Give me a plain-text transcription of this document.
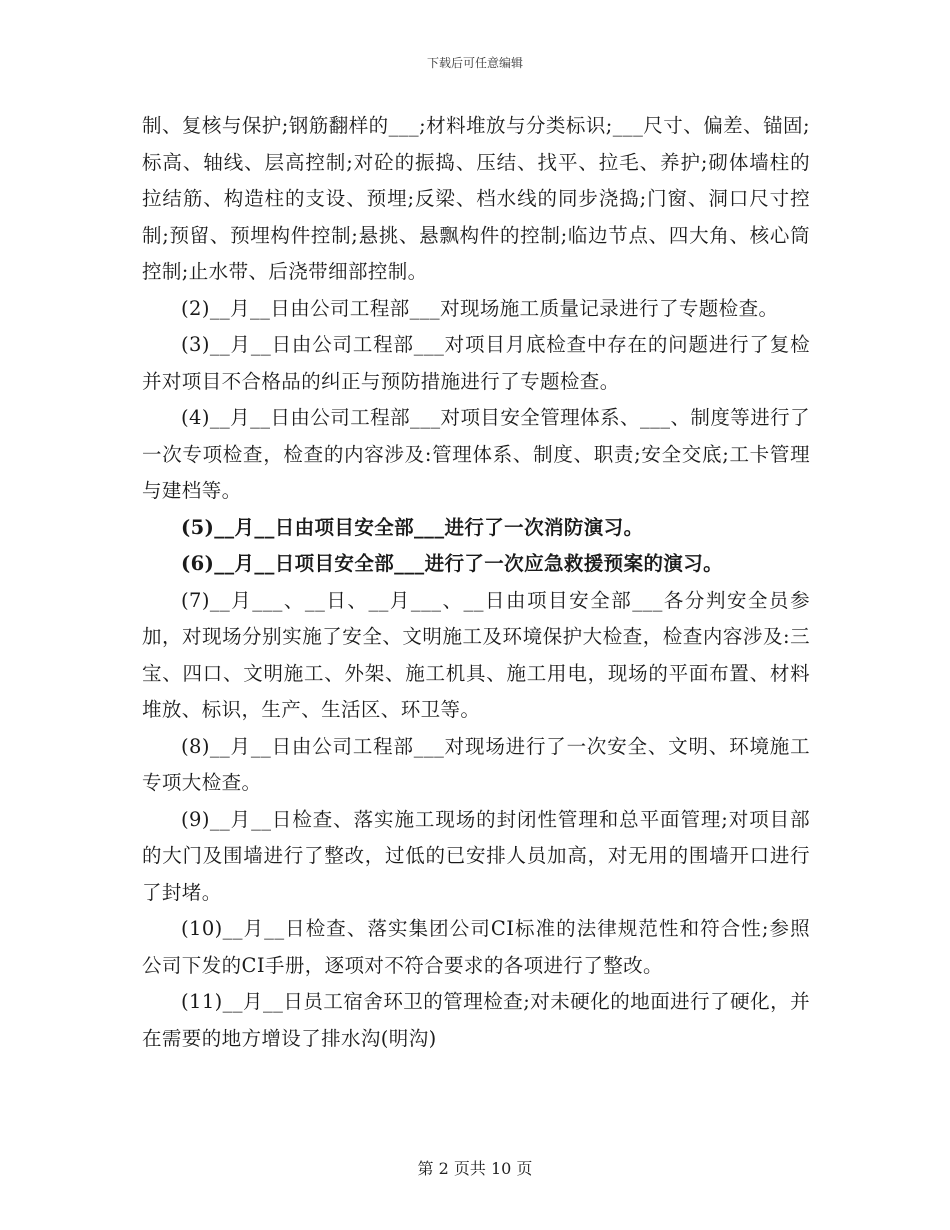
下载后可任意编辑

制、复核与保护;钢筋翻样的___;材料堆放与分类标识;___尺寸、偏差、锚固;标高、轴线、层高控制;对砼的振捣、压结、找平、拉毛、养护;砌体墙柱的拉结筋、构造柱的支设、预埋;反梁、档水线的同步浇捣;门窗、洞口尺寸控制;预留、预埋构件控制;悬挑、悬飘构件的控制;临边节点、四大角、核心筒控制;止水带、后浇带细部控制。

(2)__月__日由公司工程部___对现场施工质量记录进行了专题检查。

(3)__月__日由公司工程部___对项目月底检查中存在的问题进行了复检并对项目不合格品的纠正与预防措施进行了专题检查。

(4)__月__日由公司工程部___对项目安全管理体系、___、制度等进行了一次专项检查，检查的内容涉及:管理体系、制度、职责;安全交底;工卡管理与建档等。

(5)__月__日由项目安全部___进行了一次消防演习。

(6)__月__日项目安全部___进行了一次应急救援预案的演习。

(7)__月___、__日、__月___、__日由项目安全部___各分判安全员参加，对现场分别实施了安全、文明施工及环境保护大检查，检查内容涉及:三宝、四口、文明施工、外架、施工机具、施工用电，现场的平面布置、材料堆放、标识，生产、生活区、环卫等。

(8)__月__日由公司工程部___对现场进行了一次安全、文明、环境施工专项大检查。

(9)__月__日检查、落实施工现场的封闭性管理和总平面管理;对项目部的大门及围墙进行了整改，过低的已安排人员加高，对无用的围墙开口进行了封堵。

(10)__月__日检查、落实集团公司CI标准的法律规范性和符合性;参照公司下发的CI手册，逐项对不符合要求的各项进行了整改。

(11)__月__日员工宿舍环卫的管理检查;对未硬化的地面进行了硬化，并在需要的地方增设了排水沟(明沟)

第 2 页共 10 页
